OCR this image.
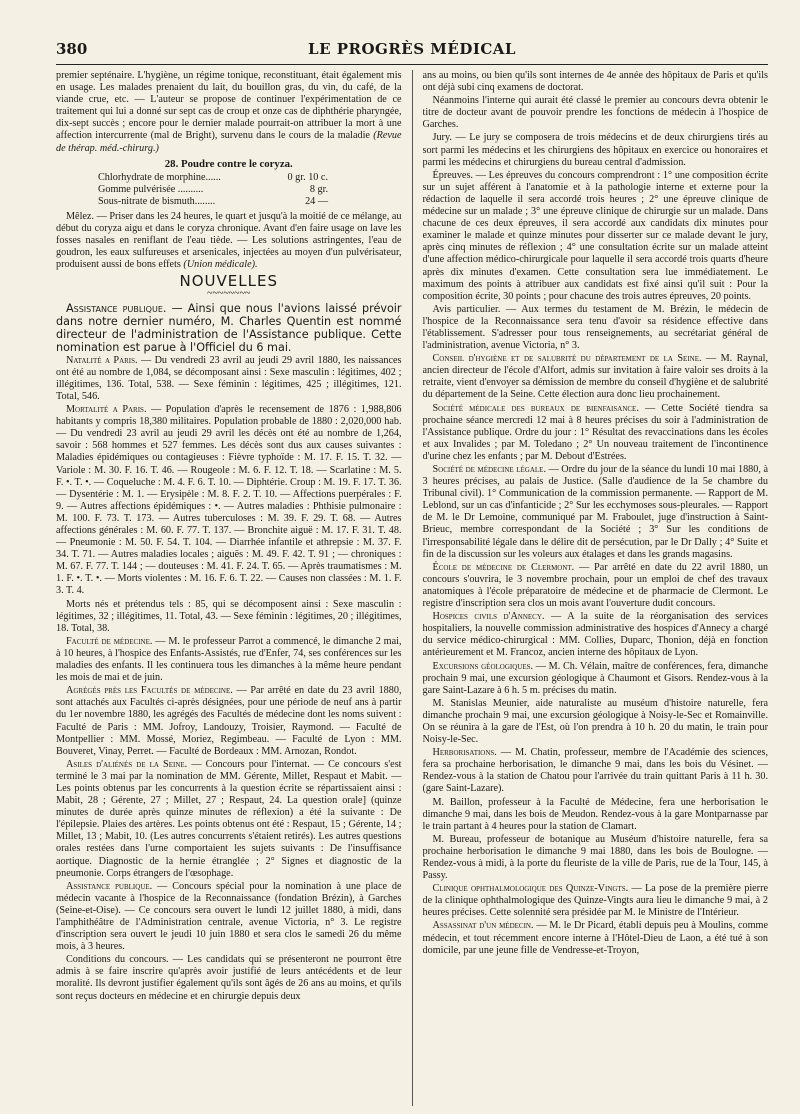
380	LE PROGRÈS MÉDICAL

premier septénaire. L'hygiène, un régime tonique, reconstituant, était également mis en usage. Les malades prenaient du lait, du bouillon gras, du vin, du café, de la viande crue, etc. — L'auteur se propose de continuer l'expérimentation de ce traitement qui lui a donné sur sept cas de croup et onze cas de diphthérie pharyngée, dix-sept succès ; encore pour le dernier malade pourrait-on attribuer la mort à une affection intercurrente (mal de Bright), survenu dans le cours de la maladie (Revue de thérap. méd.-chirurg.)

28. Poudre contre le coryza.
Chlorhydrate de morphine......	0 gr. 10 c.
Gomme pulvérisée ..........	8 gr.
Sous-nitrate de bismuth........	24 —

Mêlez. — Priser dans les 24 heures, le quart et jusqu'à la moitié de ce mélange, au début du coryza aigu et dans le coryza chronique. Avant d'en faire usage on lave les fosses nasales en reniflant de l'eau tiède. — Les solutions astringentes, l'eau de goudron, les eaux sulfureuses et arsenicales, injectées au moyen d'un pulvérisateur, produisent aussi de bons effets (Union médicale).

NOUVELLES
~~~~~~~~

Assistance publique. — Ainsi que nous l'avions laissé prévoir dans notre dernier numéro, M. Charles Quentin est nommé directeur de l'administration de l'Assistance publique. Cette nomination est parue à l'Officiel du 6 mai.

Natalité a Paris. — Du vendredi 23 avril au jeudi 29 avril 1880, les naissances ont été au nombre de 1,084, se décomposant ainsi : Sexe masculin : légitimes, 402 ; illégitimes, 136. Total, 538. — Sexe féminin : légitimes, 425 ; illégitimes, 121. Total, 546.

Mortalité a Paris. — Population d'après le recensement de 1876 : 1,988,806 habitants y compris 18,380 militaires. Population probable de 1880 : 2,020,000 hab. — Du vendredi 23 avril au jeudi 29 avril les décès ont été au nombre de 1,264, savoir : 568 hommes et 527 femmes. Les décès sont dus aux causes suivantes : Maladies épidémiques ou contagieuses : Fièvre typhoïde : M. 17. F. 15. T. 32. — Variole : M. 30. F. 16. T. 46. — Rougeole : M. 6. F. 12. T. 18. — Scarlatine : M. 5. F. •. T. •. — Coqueluche : M. 4. F. 6. T. 10. — Diphtérie. Croup : M. 19. F. 17. T. 36. — Dysentérie : M. 1. — Erysipèle : M. 8. F. 2. T. 10. — Affections puerpérales : F. 9. — Autres affections épidémiques : •. — Autres maladies : Phthisie pulmonaire : M. 100. F. 73. T. 173. — Autres tuberculoses : M. 39. F. 29. T. 68. — Autres affections générales : M. 60. F. 77. T. 137. — Bronchite aiguë : M. 17. F. 31. T. 48. — Pneumonie : M. 50. F. 54. T. 104. — Diarrhée infantile et athrepsie : M. 37. F. 34. T. 71. — Autres maladies locales ; aiguës : M. 49. F. 42. T. 91 ; — chroniques : M. 67. F. 77. T. 144 ; — douteuses : M. 41. F. 24. T. 65. — Après traumatismes : M. 1. F. •. T. •. — Morts violentes : M. 16. F. 6. T. 22. — Causes non classées : M. 1. F. 3. T. 4.

Morts nés et prétendus tels : 85, qui se décomposent ainsi : Sexe masculin : légitimes, 32 ; illégitimes, 11. Total, 43. — Sexe féminin : légitimes, 20 ; illégitimes, 18. Total, 38.

Faculté de médecine. — M. le professeur Parrot a commencé, le dimanche 2 mai, à 10 heures, à l'hospice des Enfants-Assistés, rue d'Enfer, 74, ses conférences sur les maladies des enfants. Il les continuera tous les dimanches à la même heure pendant les mois de mai et de juin.

Agrégés près les Facultés de médecine. — Par arrêté en date du 23 avril 1880, sont attachés aux Facultés ci-après désignées, pour une période de neuf ans à partir du 1er novembre 1880, les agrégés des Facultés de médecine dont les noms suivent : Faculté de Paris : MM. Jofroy, Landouzy, Troisier, Raymond. — Faculté de Montpellier : MM. Mossé, Moriez, Regimbeau. — Faculté de Lyon : MM. Bouveret, Vinay, Perret. — Faculté de Bordeaux : MM. Arnozan, Rondot.

Asiles d'aliénés de la Seine. — Concours pour l'internat. — Ce concours s'est terminé le 3 mai par la nomination de MM. Gérente, Millet, Respaut et Mabit. — Les points obtenus par les concurrents à la question écrite se répartissaient ainsi : Mabit, 28 ; Gérente, 27 ; Millet, 27 ; Respaut, 24. La question orale] (quinze minutes de durée après quinze minutes de réflexion) a été la suivante : De l'épilepsie. Plaies des artères. Les points obtenus ont été : Respaut, 15 ; Gérente, 14 ; Millet, 13 ; Mabit, 10. (Les autres concurrents s'étaient retirés). Les autres questions orales restées dans l'urne comportaient les sujets suivants : De l'insuffisance aortique. Diagnostic de la hernie étranglée ; 2° Signes et diagnostic de la pneumonie. Corps étrangers de l'œsophage.

Assistance publique. — Concours spécial pour la nomination à une place de médecin vacante à l'hospice de la Reconnaissance (fondation Brézin), à Garches (Seine-et-Oise). — Ce concours sera ouvert le lundi 12 juillet 1880, à midi, dans l'amphithéâtre de l'Administration centrale, avenue Victoria, n° 3. Le registre d'inscription sera ouvert le jeudi 10 juin 1880 et sera clos le samedi 26 du même mois, à 3 heures.

Conditions du concours. — Les candidats qui se présenteront ne pourront être admis à se faire inscrire qu'après avoir justifié de leurs antécédents et de leur moralité. Ils devront justifier également qu'ils sont âgés de 26 ans au moins, et qu'ils sont reçus docteurs en médecine et en chirurgie depuis deux

ans au moins, ou bien qu'ils sont internes de 4e année des hôpitaux de Paris et qu'ils ont déjà subi cinq examens de doctorat.

Néanmoins l'interne qui aurait été classé le premier au concours devra obtenir le titre de docteur avant de pouvoir prendre les fonctions de médecin à l'hospice de Garches.

Jury. — Le jury se composera de trois médecins et de deux chirurgiens tirés au sort parmi les médecins et les chirurgiens des hôpitaux en exercice ou honoraires et parmi les médecins et chirurgiens du bureau central d'admission.

Épreuves. — Les épreuves du concours comprendront : 1° une composition écrite sur un sujet afférent à l'anatomie et à la pathologie interne et externe pour la rédaction de laquelle il sera accordé trois heures ; 2° une épreuve clinique de médecine sur un malade ; 3° une épreuve clinique de chirurgie sur un malade. Dans chacune de ces deux épreuves, il sera accordé aux candidats dix minutes pour examiner le malade et quinze minutes pour disserter sur ce malade devant le jury, après cinq minutes de réflexion ; 4° une consultation écrite sur un malade atteint d'une affection médico-chirurgicale pour laquelle il sera accordé trois quarts d'heure après dix minutes d'examen. Cette consultation sera lue immédiatement. Le maximum des points à attribuer aux candidats est fixé ainsi qu'il suit : Pour la composition écrite, 30 points ; pour chacune des trois autres épreuves, 20 points.

Avis particulier. — Aux termes du testament de M. Brézin, le médecin de l'hospice de la Reconnaissance sera tenu d'avoir sa résidence effective dans l'établissement. S'adresser pour tous renseignements, au secrétariat général de l'administration, avenue Victoria, n° 3.

Conseil d'hygiène et de salubrité du département de la Seine. — M. Raynal, ancien directeur de l'école d'Alfort, admis sur invitation à faire valoir ses droits à la retraite, vient d'envoyer sa démission de membre du conseil d'hygiène et de salubrité du département de la Seine. Cette élection aura donc lieu prochainement.

Société médicale des bureaux de bienfaisance. — Cette Société tiendra sa prochaine séance mercredi 12 mai à 8 heures précises du soir à l'administration de l'Assistance publique. Ordre du jour : 1° Résultat des revaccinations dans les écoles et aux Invalides ; par M. Toledano ; 2° Un nouveau traitement de l'incontinence d'urine chez les enfants ; par M. Debout d'Estrées.

Société de médecine légale. — Ordre du jour de la séance du lundi 10 mai 1880, à 3 heures précises, au palais de Justice. (Salle d'audience de la 5e chambre du Tribunal civil). 1° Communication de la commission permanente. — Rapport de M. Leblond, sur un cas d'infanticide ; 2° Sur les ecchymoses sous-pleurales. — Rapport de M. le Dr Lemoine, communiqué par M. Fraboulet, juge d'instruction à Saint-Brieuc, membre correspondant de la Société ; 3° Sur les conditions de l'irresponsabilité légale dans le délire dit de persécution, par le Dr Dally ; 4° Suite et fin de la discussion sur les voleurs aux étalages et dans les grands magasins.

École de médecine de Clermont. — Par arrêté en date du 22 avril 1880, un concours s'ouvrira, le 3 novembre prochain, pour un emploi de chef des travaux anatomiques à l'école préparatoire de médecine et de pharmacie de Clermont. Le registre d'inscription sera clos un mois avant l'ouverture dudit concours.

Hospices civils d'Annecy. — A la suite de la réorganisation des services hospitaliers, la nouvelle commission administrative des hospices d'Annecy a chargé du service médico-chirurgical : MM. Collies, Duparc, Thonion, déjà en fonction antérieurement et M. Francoz, ancien interne des hôpitaux de Lyon.

Excursions géologiques. — M. Ch. Vélain, maître de conférences, fera, dimanche prochain 9 mai, une excursion géologique à Chaumont et Gisors. Rendez-vous à la gare Saint-Lazare à 6 h. 5 m. précises du matin.

M. Stanislas Meunier, aide naturaliste au muséum d'histoire naturelle, fera dimanche prochain 9 mai, une excursion géologique à Noisy-le-Sec et Romainville. On se réunira à la gare de l'Est, où l'on prendra à 10 h. 20 du matin, le train pour Noisy-le-Sec.

Herborisations. — M. Chatin, professeur, membre de l'Académie des sciences, fera sa prochaine herborisation, le dimanche 9 mai, dans les bois du Vésinet. — Rendez-vous à la station de Chatou pour l'arrivée du train quittant Paris à 11 h. 30. (gare Saint-Lazare).

M. Baillon, professeur à la Faculté de Médecine, fera une herborisation le dimanche 9 mai, dans les bois de Meudon. Rendez-vous à la gare Montparnasse par le train partant à 4 heures pour la station de Clamart.

M. Bureau, professeur de botanique au Muséum d'histoire naturelle, fera sa prochaine herborisation le dimanche 9 mai 1880, dans les bois de Boulogne. — Rendez-vous à midi, à la porte du fleuriste de la ville de Paris, rue de la Tour, 145, à Passy.

Clinique ophthalmologique des Quinze-Vingts. — La pose de la première pierre de la clinique ophthalmologique des Quinze-Vingts aura lieu le dimanche 9 mai, à 2 heures précises. Cette solennité sera présidée par M. le Ministre de l'Intérieur.

Assassinat d'un médecin. — M. le Dr Picard, établi depuis peu à Moulins, comme médecin, et tout récemment encore interne à l'Hôtel-Dieu de Laon, a été tué à son domicile, par une jeune fille de Vendresse-et-Troyon,
